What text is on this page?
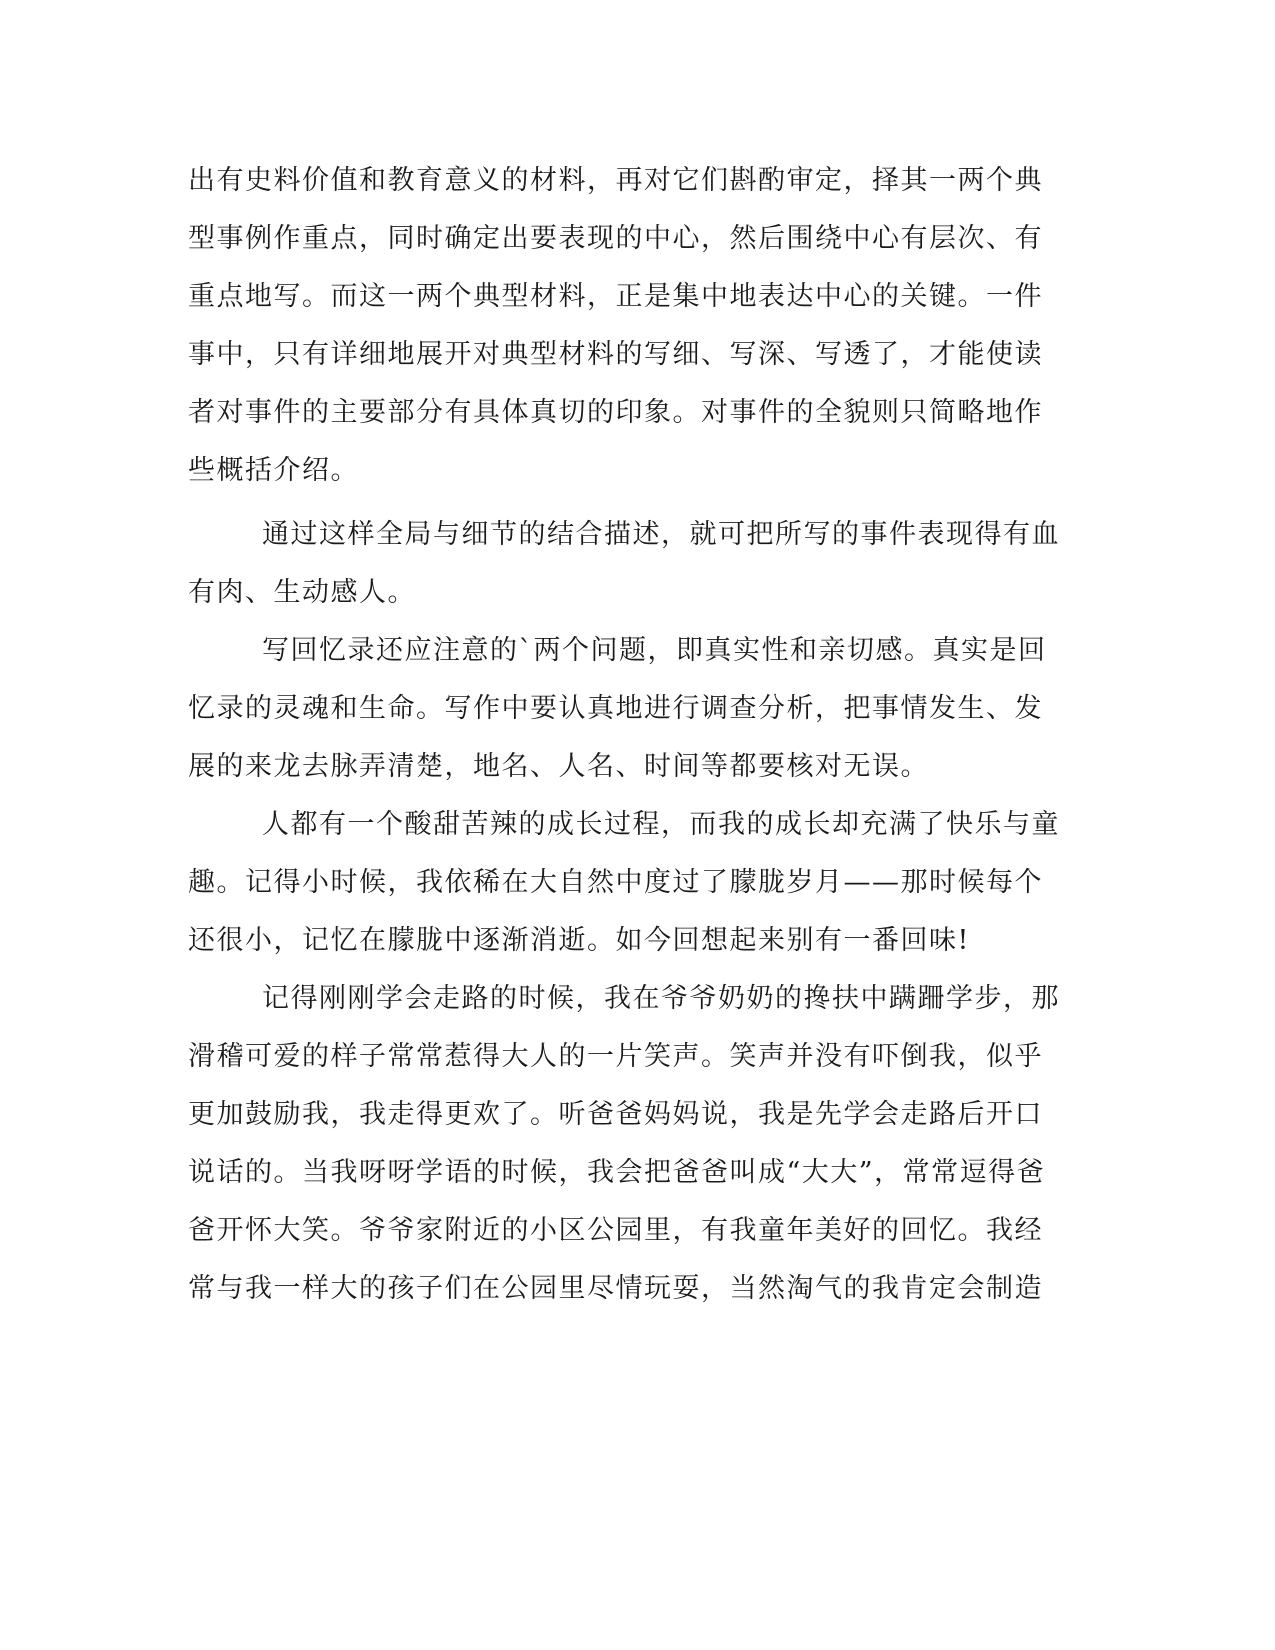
出有史料价值和教育意义的材料，再对它们斟酌审定，择其一两个典
型事例作重点，同时确定出要表现的中心，然后围绕中心有层次、有
重点地写。而这一两个典型材料，正是集中地表达中心的关键。一件
事中，只有详细地展开对典型材料的写细、写深、写透了，才能使读
者对事件的主要部分有具体真切的印象。对事件的全貌则只简略地作
些概括介绍。
通过这样全局与细节的结合描述，就可把所写的事件表现得有血
有肉、生动感人。
写回忆录还应注意的`两个问题，即真实性和亲切感。真实是回
忆录的灵魂和生命。写作中要认真地进行调查分析，把事情发生、发
展的来龙去脉弄清楚，地名、人名、时间等都要核对无误。
人都有一个酸甜苦辣的成长过程，而我的成长却充满了快乐与童
趣。记得小时候，我依稀在大自然中度过了朦胧岁月——那时候每个
还很小，记忆在朦胧中逐渐消逝。如今回想起来别有一番回味!
记得刚刚学会走路的时候，我在爷爷奶奶的搀扶中蹒跚学步，那
滑稽可爱的样子常常惹得大人的一片笑声。笑声并没有吓倒我，似乎
更加鼓励我，我走得更欢了。听爸爸妈妈说，我是先学会走路后开口
说话的。当我呀呀学语的时候，我会把爸爸叫成“大大”，常常逗得爸
爸开怀大笑。爷爷家附近的小区公园里，有我童年美好的回忆。我经
常与我一样大的孩子们在公园里尽情玩耍，当然淘气的我肯定会制造
